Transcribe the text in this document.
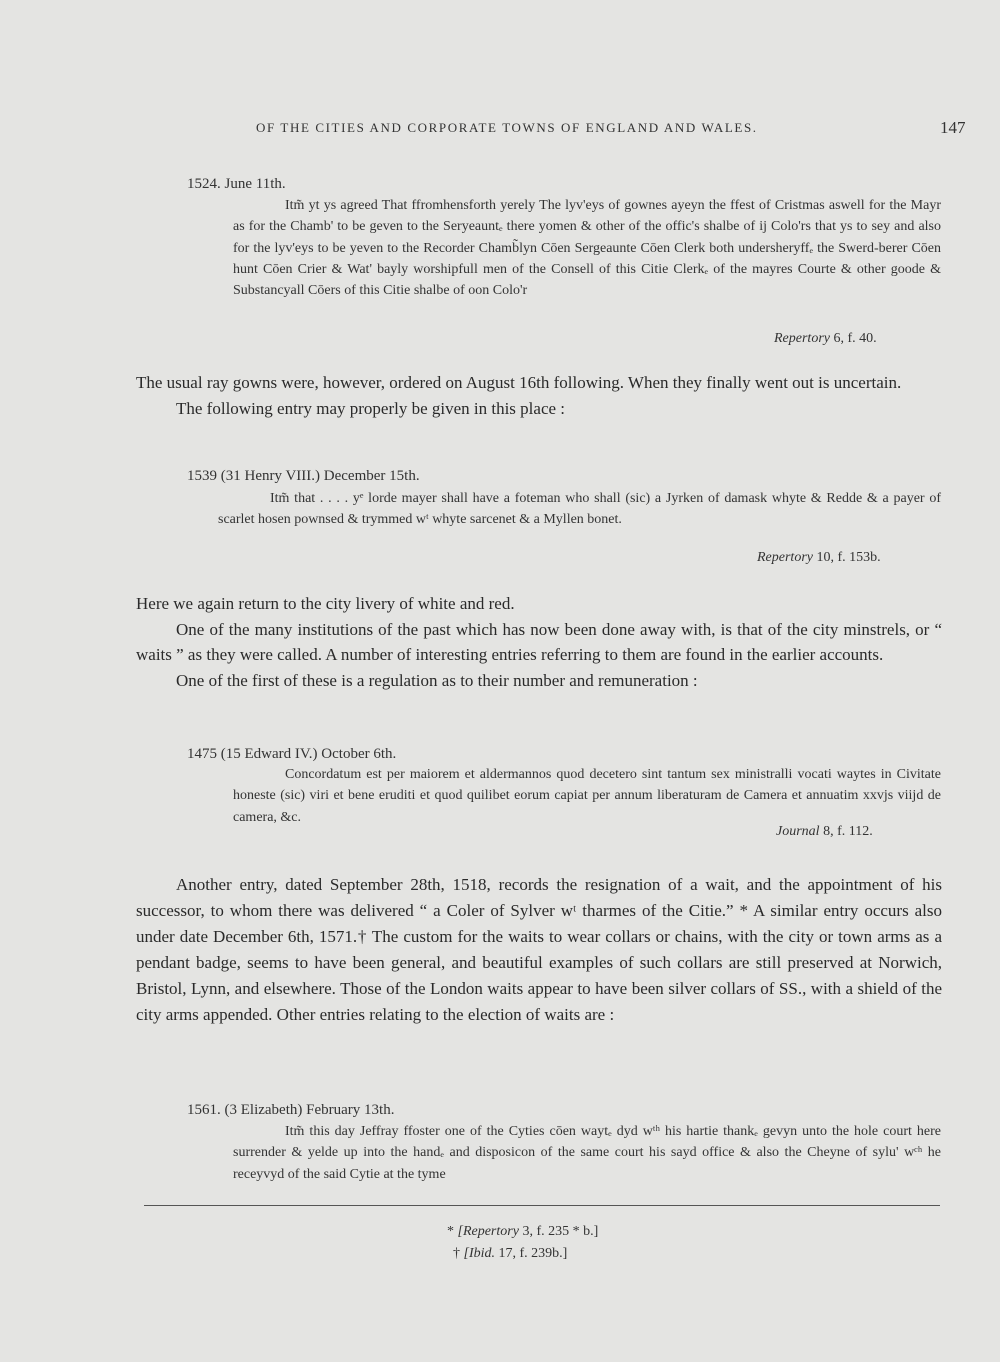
OF THE CITIES AND CORPORATE TOWNS OF ENGLAND AND WALES.	147
1524. June 11th.
Itm̃ yt ys agreed That ffromhensforth yerely The lyv'eys of gownes ayeyn the ffest of Cristmas aswell for the Mayr as for the Chamb' to be geven to the Seryeauntₑ there yomen & other of the offic's shalbe of ij Colo'rs that ys to sey and also for the lyv'eys to be yeven to the Recorder Chamb̃lyn Cōen Sergeaunte Cōen Clerk both undersheryffₑ the Swerd-berer Cōen hunt Cōen Crier & Wat' bayly worshipfull men of the Consell of this Citie Clerkₑ of the mayres Courte & other goode & Substancyall Cōers of this Citie shalbe of oon Colo'r
Repertory 6, f. 40.

The usual ray gowns were, however, ordered on August 16th following. When they finally went out is uncertain.

The following entry may properly be given in this place :

1539 (31 Henry VIII.) December 15th.
Itm̃ that . . . . yᵉ lorde mayer shall have a foteman who shall (sic) a Jyrken of damask whyte & Redde & a payer of scarlet hosen pownsed & trymmed wᵗ whyte sarcenet & a Myllen bonet.
Repertory 10, f. 153b.

Here we again return to the city livery of white and red.

One of the many institutions of the past which has now been done away with, is that of the city minstrels, or “ waits ” as they were called. A number of interesting entries referring to them are found in the earlier accounts.

One of the first of these is a regulation as to their number and remuneration :

1475 (15 Edward IV.) October 6th.
Concordatum est per maiorem et aldermannos quod decetero sint tantum sex ministralli vocati waytes in Civitate honeste (sic) viri et bene eruditi et quod quilibet eorum capiat per annum liberaturam de Camera et annuatim xxvjs viijd de camera, &c.
Journal 8, f. 112.

Another entry, dated September 28th, 1518, records the resignation of a wait, and the appointment of his successor, to whom there was delivered “ a Coler of Sylver wᵗ tharmes of the Citie.” * A similar entry occurs also under date December 6th, 1571.† The custom for the waits to wear collars or chains, with the city or town arms as a pendant badge, seems to have been general, and beautiful examples of such collars are still preserved at Norwich, Bristol, Lynn, and elsewhere. Those of the London waits appear to have been silver collars of SS., with a shield of the city arms appended. Other entries relating to the election of waits are :

1561. (3 Elizabeth) February 13th.
Itm̃ this day Jeffray ffoster one of the Cyties cōen waytₑ dyd wᵗʰ his hartie thankₑ gevyn unto the hole court here surrender & yelde up into the handₑ and disposicon of the same court his sayd office & also the Cheyne of sylu' wᶜʰ he receyvyd of the said Cytie at the tyme
* [Repertory 3, f. 235 * b.]
† [Ibid. 17, f. 239b.]
